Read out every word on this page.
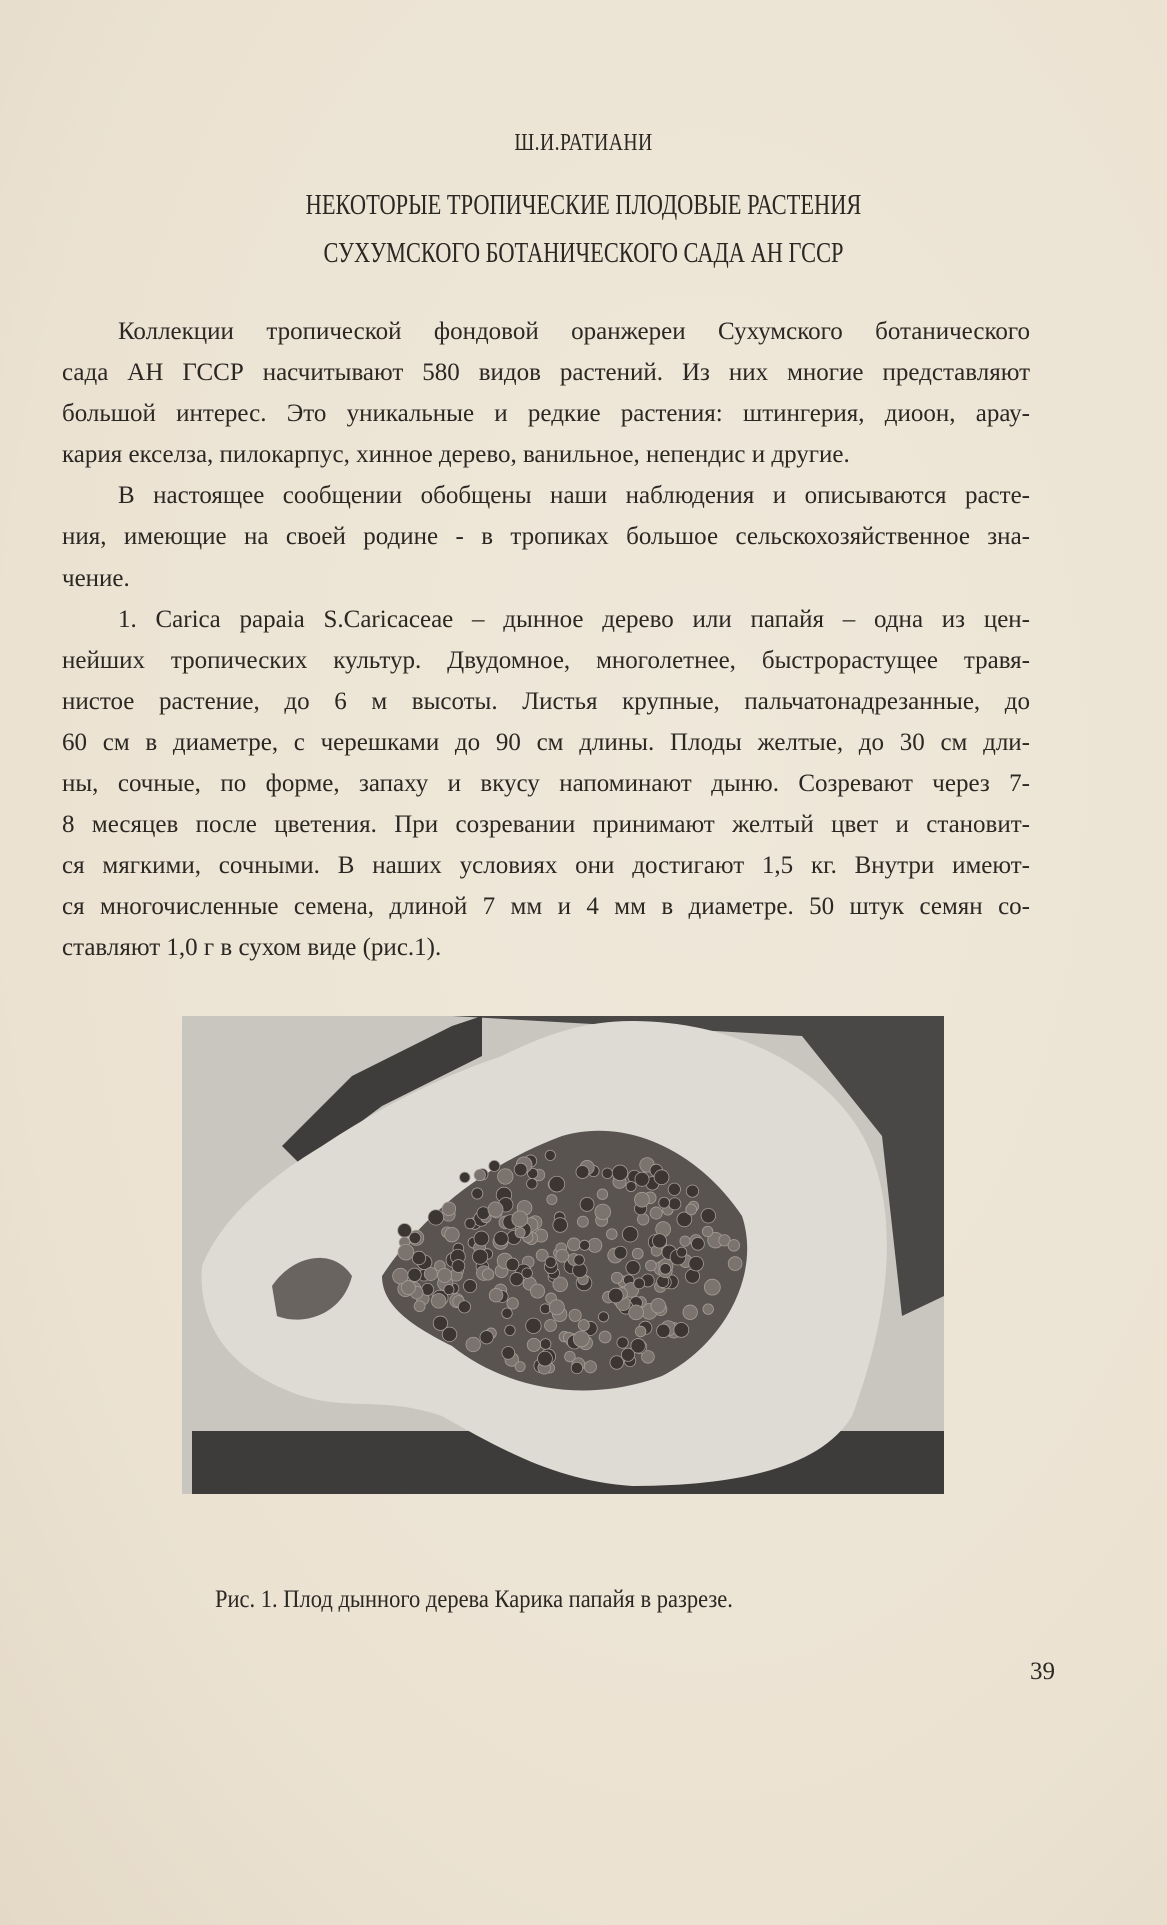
Ш.И.РАТИАНИ
НЕКОТОРЫЕ ТРОПИЧЕСКИЕ ПЛОДОВЫЕ РАСТЕНИЯ
СУХУМСКОГО БОТАНИЧЕСКОГО САДА АН ГССР
Коллекции тропической фондовой оранжереи Сухумского ботанического
сада АН ГССР насчитывают 580 видов растений. Из них многие представляют
большой интерес. Это уникальные и редкие растения: штингерия, диоон, арау-
кария екселза, пилокарпус, хинное дерево, ванильное, непендис и другие.
В настоящее сообщении обобщены наши наблюдения и описываются расте-
ния, имеющие на своей родине - в тропиках большое сельскохозяйственное зна-
чение.
1. Carica papaia S.Caricaceae – дынное дерево или папайя – одна из цен-
нейших тропических культур. Двудомное, многолетнее, быстрорастущее травя-
нистое растение, до 6 м высоты. Листья крупные, пальчатонадрезанные, до
60 см в диаметре, с черешками до 90 см длины. Плоды желтые, до 30 см дли-
ны, сочные, по форме, запаху и вкусу напоминают дыню. Созревают через 7-
8 месяцев после цветения. При созревании принимают желтый цвет и становит-
ся мягкими, сочными. В наших условиях они достигают 1,5 кг. Внутри имеют-
ся многочисленные семена, длиной 7 мм и 4 мм в диаметре. 50 штук семян со-
ставляют 1,0 г в сухом виде (рис.1).
Рис. 1. Плод дынного дерева Карика папайя в разрезе.
39
